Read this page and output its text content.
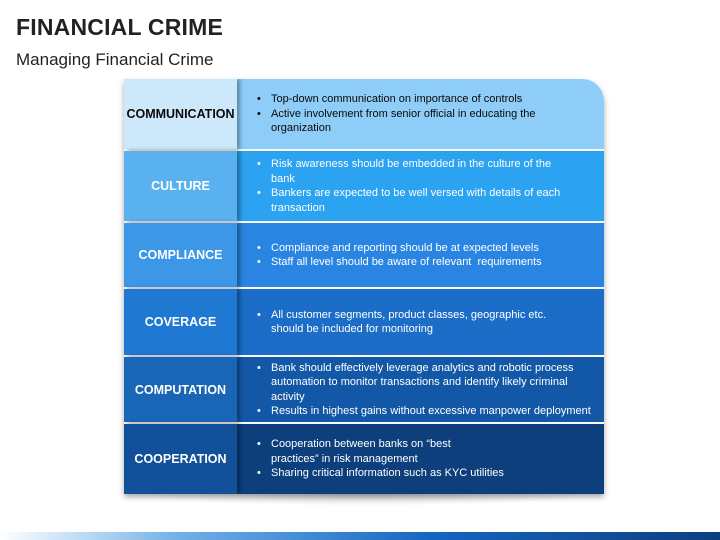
FINANCIAL CRIME
Managing Financial Crime
COMMUNICATION
• Top-down communication on importance of controls
• Active involvement from senior official in educating the organization
CULTURE
• Risk awareness should be embedded in the culture of the bank
• Bankers are expected to be well versed with details of each transaction
COMPLIANCE
• Compliance and reporting should be at expected levels
• Staff all level should be aware of relevant  requirements
COVERAGE
• All customer segments, product classes, geographic etc. should be included for monitoring
COMPUTATION
• Bank should effectively leverage analytics and robotic process automation to monitor transactions and identify likely criminal activity
• Results in highest gains without excessive manpower deployment
COOPERATION
• Cooperation between banks on “best practices” in risk management
• Sharing critical information such as KYC utilities
